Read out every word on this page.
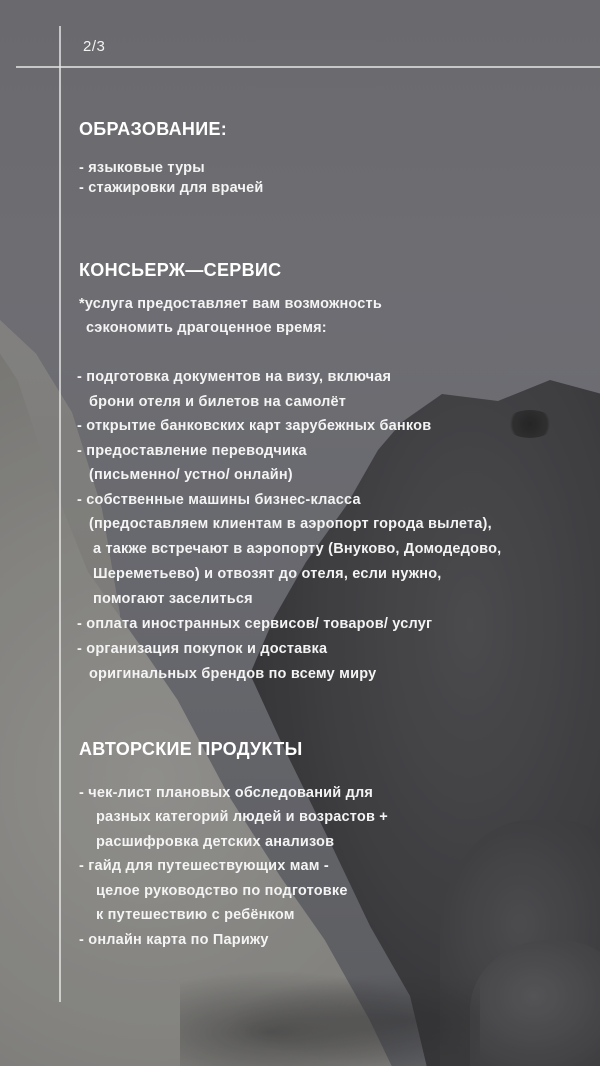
2/3
ОБРАЗОВАНИЕ:
- языковые туры
- стажировки для врачей
КОНСЬЕРЖ—СЕРВИС
*услуга предоставляет вам возможность
сэкономить драгоценное время:
- подготовка документов на визу, включая
брони отеля и билетов на самолёт
- открытие банковских карт зарубежных банков
- предоставление переводчика
(письменно/ устно/ онлайн)
- собственные машины бизнес-класса
(предоставляем клиентам в аэропорт города вылета),
а также встречают в аэропорту (Внуково, Домодедово,
Шереметьево) и отвозят до отеля, если нужно,
помогают заселиться
- оплата иностранных сервисов/ товаров/ услуг
- организация покупок и доставка
оригинальных брендов по всему миру
АВТОРСКИЕ ПРОДУКТЫ
- чек-лист плановых обследований для
разных категорий людей и возрастов +
расшифровка детских анализов
- гайд для путешествующих мам -
целое руководство по подготовке
к путешествию с ребёнком
- онлайн карта по Парижу
